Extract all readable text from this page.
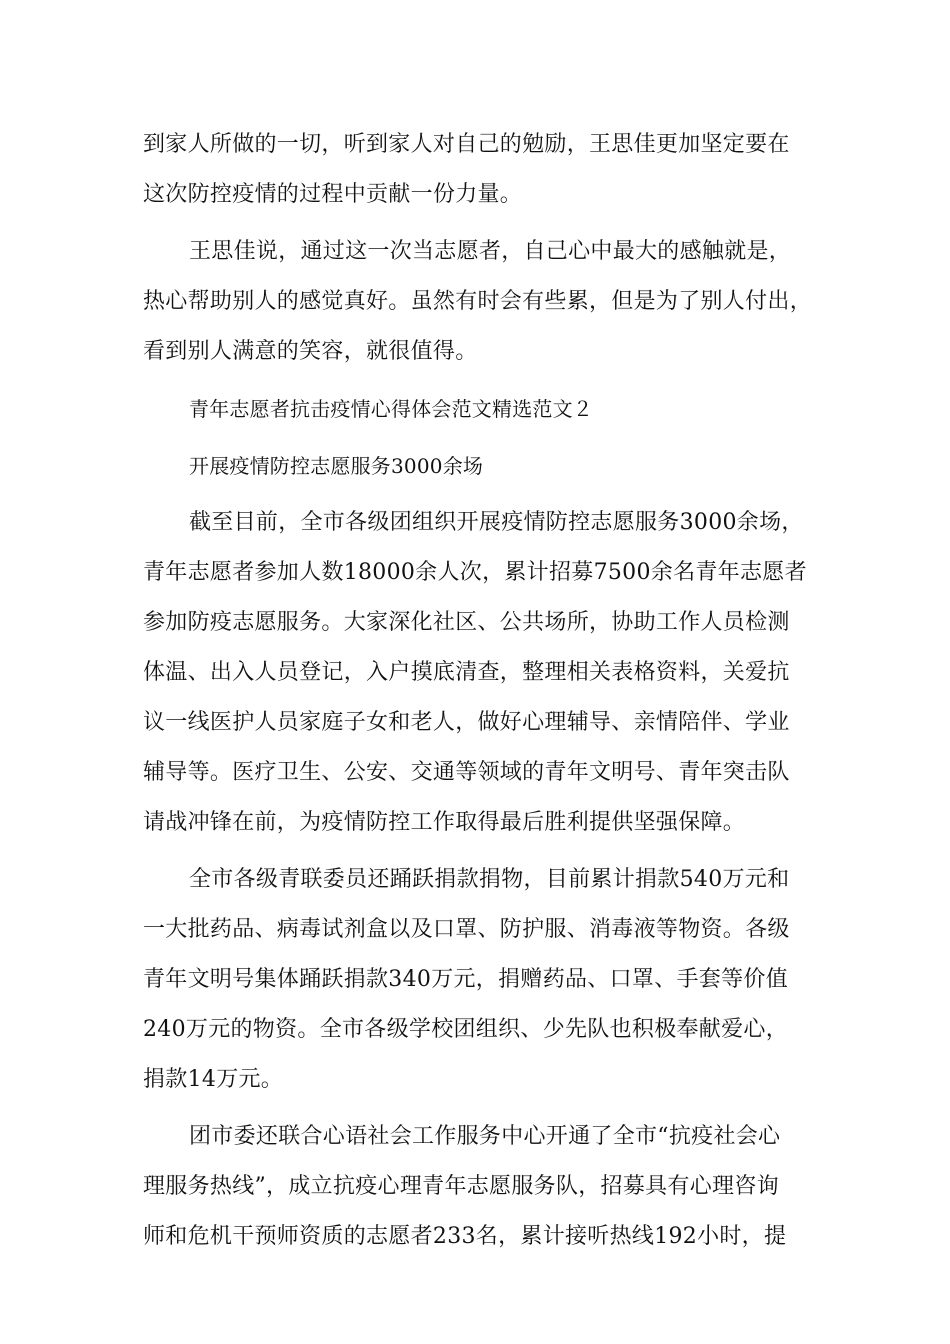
到家人所做的一切，听到家人对自己的勉励，王思佳更加坚定要在
这次防控疫情的过程中贡献一份力量。
王思佳说，通过这一次当志愿者，自己心中最大的感触就是，
热心帮助别人的感觉真好。虽然有时会有些累，但是为了别人付出，
看到别人满意的笑容，就很值得。
青年志愿者抗击疫情心得体会范文精选范文２
开展疫情防控志愿服务3000余场
截至目前，全市各级团组织开展疫情防控志愿服务3000余场，
青年志愿者参加人数18000余人次，累计招募7500余名青年志愿者
参加防疫志愿服务。大家深化社区、公共场所，协助工作人员检测
体温、出入人员登记，入户摸底清查，整理相关表格资料，关爱抗
议一线医护人员家庭子女和老人，做好心理辅导、亲情陪伴、学业
辅导等。医疗卫生、公安、交通等领域的青年文明号、青年突击队
请战冲锋在前，为疫情防控工作取得最后胜利提供坚强保障。
全市各级青联委员还踊跃捐款捐物，目前累计捐款540万元和
一大批药品、病毒试剂盒以及口罩、防护服、消毒液等物资。各级
青年文明号集体踊跃捐款340万元，捐赠药品、口罩、手套等价值
240万元的物资。全市各级学校团组织、少先队也积极奉献爱心，
捐款14万元。
团市委还联合心语社会工作服务中心开通了全市“抗疫社会心
理服务热线”，成立抗疫心理青年志愿服务队，招募具有心理咨询
师和危机干预师资质的志愿者233名，累计接听热线192小时，提
